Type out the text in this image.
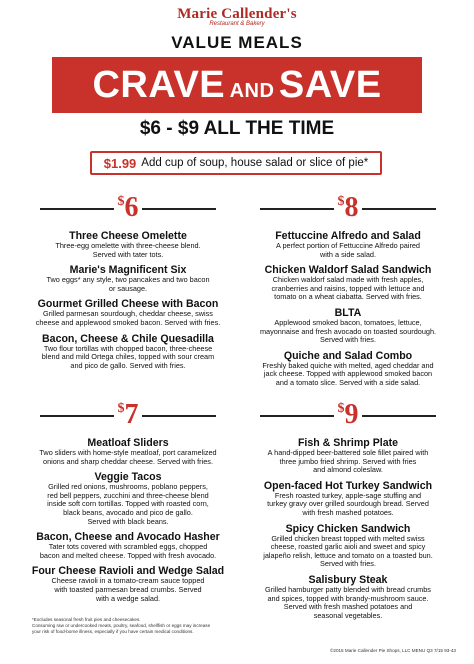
Marie Callender's
Restaurant & Bakery
VALUE MEALS
CRAVE AND SAVE
$6 - $9 ALL THE TIME
$1.99 Add cup of soup, house salad or slice of pie*
$6
Three Cheese Omelette
Three-egg omelette with three-cheese blend.
Served with tater tots.
Marie's Magnificent Six
Two eggs* any style, two pancakes and two bacon
or sausage.
Gourmet Grilled Cheese with Bacon
Grilled parmesan sourdough, cheddar cheese, swiss
cheese and applewood smoked bacon. Served with fries.
Bacon, Cheese & Chile Quesadilla
Two flour tortillas with chopped bacon, three-cheese
blend and mild Ortega chiles, topped with sour cream
and pico de gallo. Served with fries.
$8
Fettuccine Alfredo and Salad
A perfect portion of Fettuccine Alfredo paired
with a side salad.
Chicken Waldorf Salad Sandwich
Chicken waldorf salad made with fresh apples,
cranberries and raisins, topped with lettuce and
tomato on a wheat ciabatta. Served with fries.
BLTA
Applewood smoked bacon, tomatoes, lettuce,
mayonnaise and fresh avocado on toasted sourdough.
Served with fries.
Quiche and Salad Combo
Freshly baked quiche with melted, aged cheddar and
jack cheese. Topped with applewood smoked bacon
and a tomato slice. Served with a side salad.
$7
Meatloaf Sliders
Two sliders with home-style meatloaf, port caramelized
onions and sharp cheddar cheese. Served with fries.
Veggie Tacos
Grilled red onions, mushrooms, poblano peppers,
red bell peppers, zucchini and three-cheese blend
inside soft corn tortillas. Topped with roasted corn,
black beans, avocado and pico de gallo.
Served with black beans.
Bacon, Cheese and Avocado Hasher
Tater tots covered with scrambled eggs, chopped
bacon and melted cheese. Topped with fresh avocado.
Four Cheese Ravioli and Wedge Salad
Cheese ravioli in a tomato-cream sauce topped
with toasted parmesan bread crumbs. Served
with a wedge salad.
$9
Fish & Shrimp Plate
A hand-dipped beer-battered sole fillet paired with
three jumbo fried shrimp. Served with fries
and almond coleslaw.
Open-faced Hot Turkey Sandwich
Fresh roasted turkey, apple-sage stuffing and
turkey gravy over grilled sourdough bread. Served
with fresh mashed potatoes.
Spicy Chicken Sandwich
Grilled chicken breast topped with melted swiss
cheese, roasted garlic aioli and sweet and spicy
jalapeño relish, lettuce and tomato on a toasted bun.
Served with fries.
Salisbury Steak
Grilled hamburger patty blended with bread crumbs
and spices, topped with brandy-mushroom sauce.
Served with fresh mashed potatoes and
seasonal vegetables.
*Excludes seasonal fresh fruit pies and cheesecakes.
Consuming raw or undercooked meats, poultry, seafood, shellfish or eggs may increase
your risk of food-borne illness, especially if you have certain medical conditions.
©2015 Marie Callender Pie Shops, LLC MENU Q3 7/15 93-43
